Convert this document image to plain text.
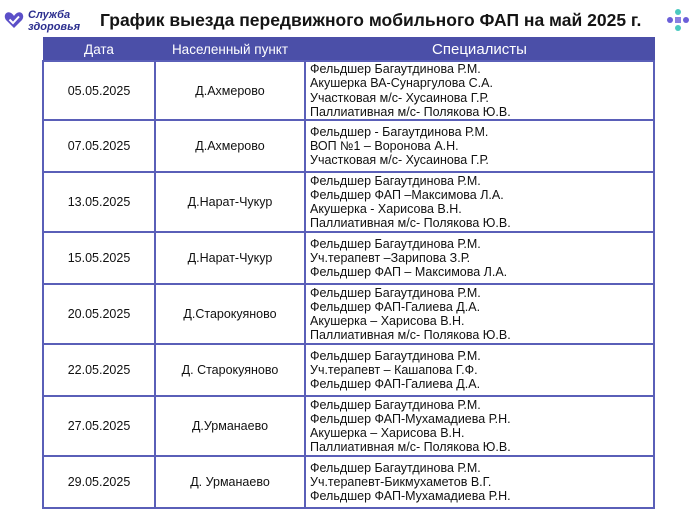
Служба
здоровья График выезда передвижного мобильного ФАП на май 2025 г.
Дата	Населенный пункт	Специалисты
05.05.2025	Д.Ахмерово	Фельдшер Багаутдинова Р.М.
Акушерка ВА-Сунаргулова С.А.
Участковая м/с- Хусаинова Г.Р.
Паллиативная м/с- Полякова Ю.В.

07.05.2025	Д.Ахмерово	Фельдшер - Багаутдинова Р.М.
ВОП №1 – Воронова А.Н.
Участковая м/с- Хусаинова Г.Р.

13.05.2025	Д.Нарат-Чукур	Фельдшер Багаутдинова Р.М.
Фельдшер ФАП –Максимова Л.А.
Акушерка - Харисова В.Н.
Паллиативная м/с- Полякова Ю.В.

15.05.2025	Д.Нарат-Чукур	Фельдшер Багаутдинова Р.М.
Уч.терапевт –Зарипова З.Р.
Фельдшер ФАП – Максимова Л.А.

20.05.2025	Д.Старокуяново	Фельдшер Багаутдинова Р.М.
Фельдшер ФАП-Галиева Д.А.
Акушерка – Харисова В.Н.
Паллиативная м/с- Полякова Ю.В.

22.05.2025	Д. Старокуяново	Фельдшер Багаутдинова Р.М.
Уч.терапевт – Кашапова Г.Ф.
Фельдшер ФАП-Галиева Д.А.

27.05.2025	Д.Урманаево	Фельдшер Багаутдинова Р.М.
Фельдшер ФАП-Мухамадиева Р.Н.
Акушерка – Харисова В.Н.
Паллиативная м/с- Полякова Ю.В.

29.05.2025	Д. Урманаево	Фельдшер Багаутдинова Р.М.
Уч.терапевт-Бикмухаметов В.Г.
Фельдшер ФАП-Мухамадиева Р.Н.
